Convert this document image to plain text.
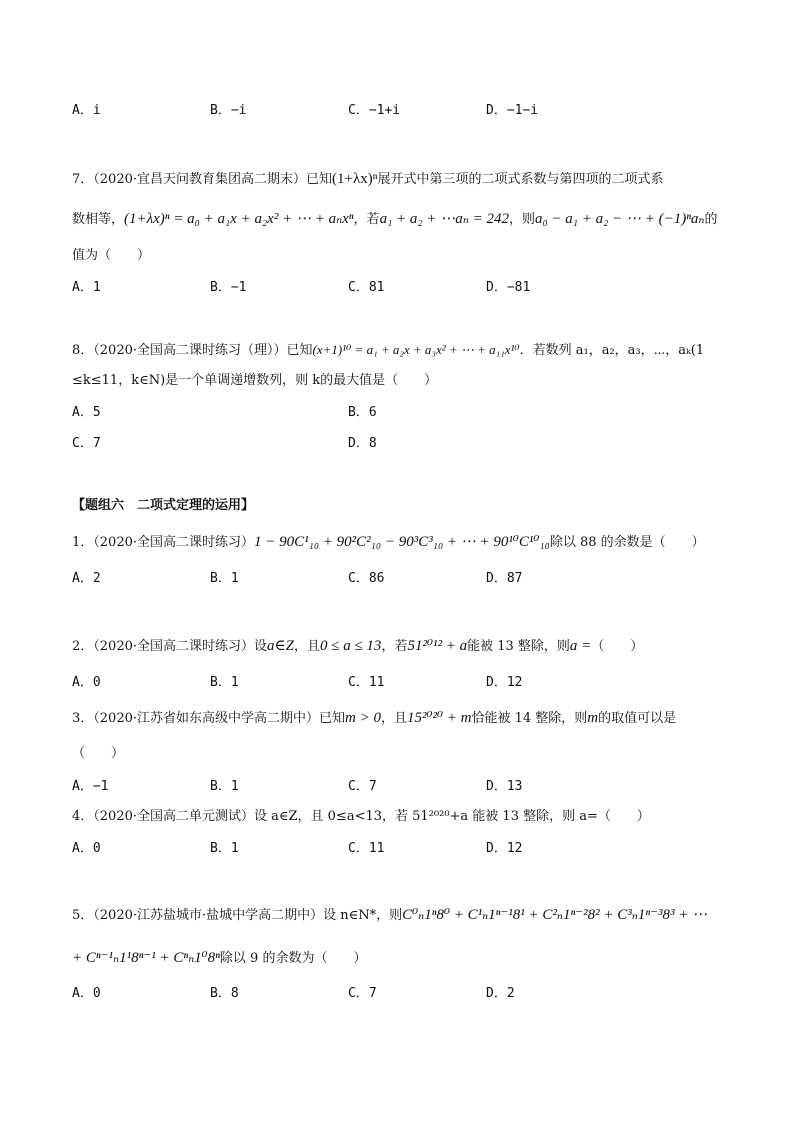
A．i	B．−i	C．−1+i	D．−1−i
7．（2020·宜昌天问教育集团高二期末）已知(1+λx)ⁿ展开式中第三项的二项式系数与第四项的二项式系
数相等，(1+λx)ⁿ = a₀ + a₁x + a₂x² + ⋯ + aₙxⁿ，若a₁ + a₂ + ⋯aₙ = 242，则a₀ − a₁ + a₂ − ⋯ + (−1)ⁿaₙ的
值为（　　）
A．1	B．−1	C．81	D．−81
8．（2020·全国高二课时练习（理））已知(x+1)¹⁰ = a₁ + a₂x + a₃x² + ⋯ + a₁₁x¹⁰．若数列 a₁，a₂，a₃，⋯，aₖ(1
≤k≤11，k∈N)是一个单调递增数列，则 k的最大值是（　　）
A．5	B．6
C．7	D．8
【题组六　二项式定理的运用】
1．（2020·全国高二课时练习）1 − 90C¹₁₀ + 90²C²₁₀ − 90³C³₁₀ + ⋯ + 90¹⁰C¹⁰₁₀除以 88 的余数是（　　）
A．2	B．1	C．86	D．87
2．（2020·全国高二课时练习）设a∈Z，且0 ≤ a ≤ 13，若51²⁰¹² + a能被 13 整除，则a =（　　）
A．0	B．1	C．11	D．12
3．（2020·江苏省如东高级中学高二期中）已知m > 0，且15²⁰²⁰ + m恰能被 14 整除，则m的取值可以是
（　　）
A．−1	B．1	C．7	D．13
4．（2020·全国高二单元测试）设 a∈Z，且 0≤a<13，若 51²⁰²⁰+a 能被 13 整除，则 a=（　　）
A．0	B．1	C．11	D．12
5．（2020·江苏盐城市·盐城中学高二期中）设 n∈N*，则C⁰ₙ1ⁿ8⁰ + C¹ₙ1ⁿ⁻¹8¹ + C²ₙ1ⁿ⁻²8² + C³ₙ1ⁿ⁻³8³ + ⋯
+ Cⁿ⁻¹ₙ1¹8ⁿ⁻¹ + Cⁿₙ1⁰8ⁿ除以 9 的余数为（　　）
A．0	B．8	C．7	D．2
